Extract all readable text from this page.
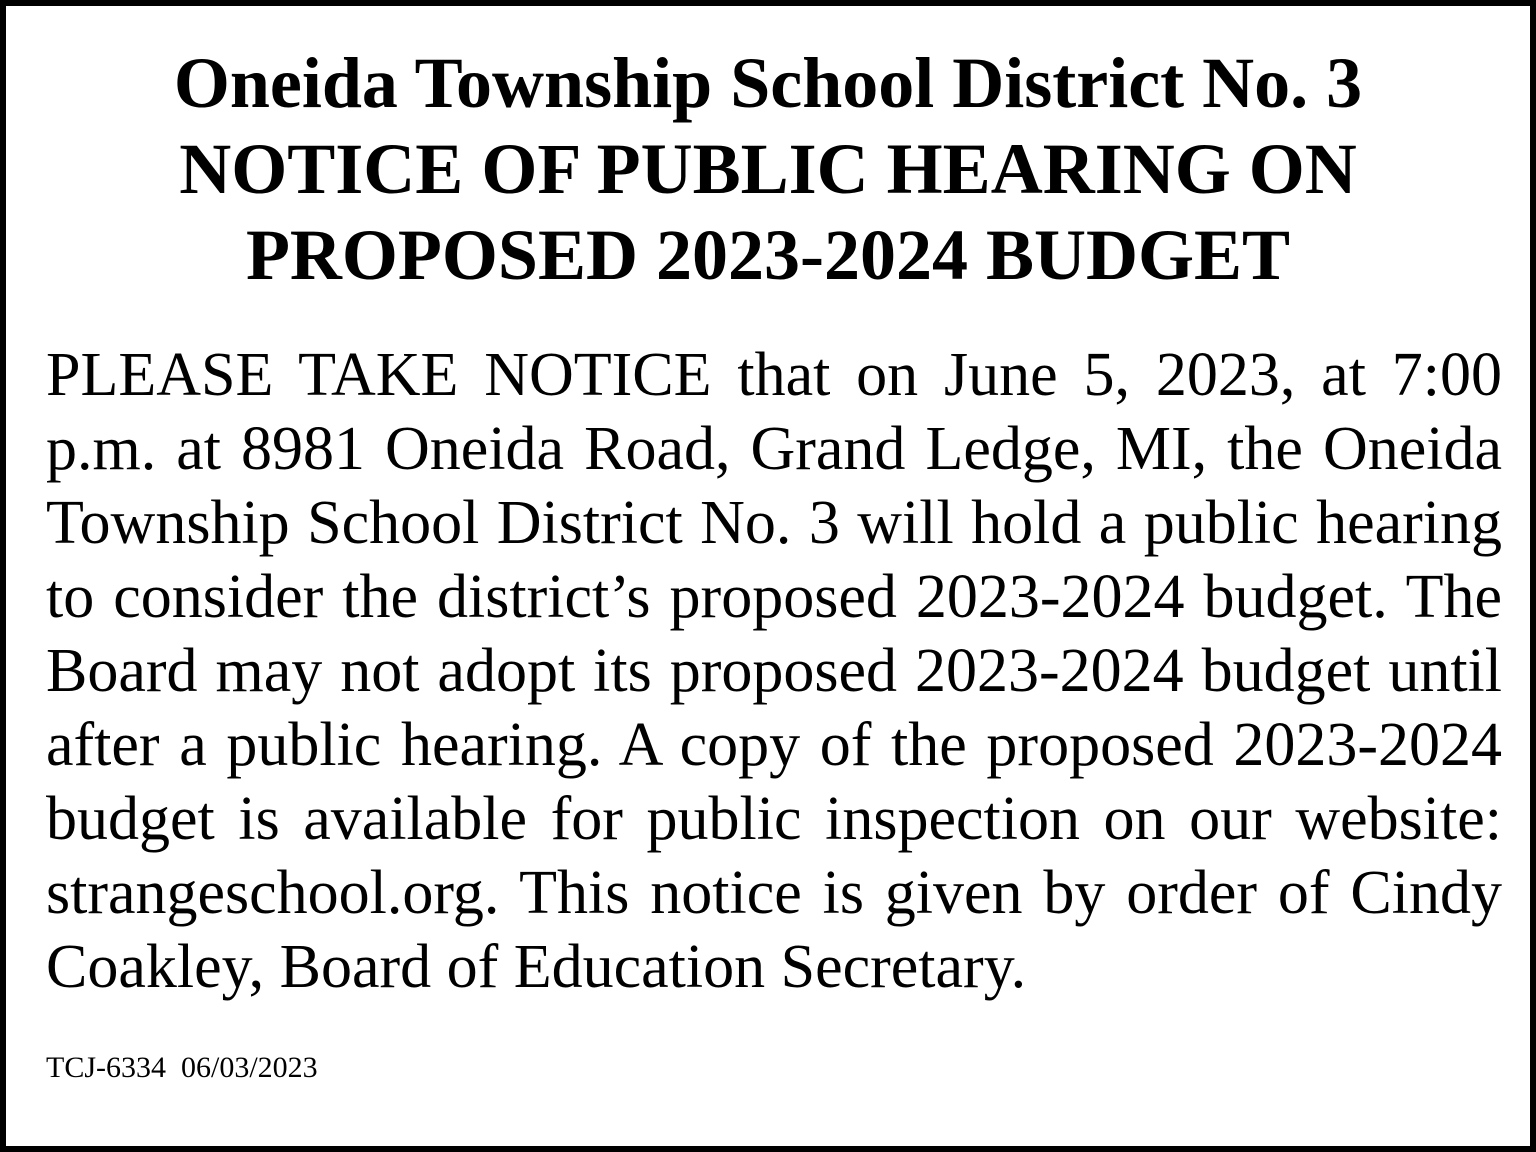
Oneida Township School District No. 3
NOTICE OF PUBLIC HEARING ON
PROPOSED 2023-2024 BUDGET
PLEASE TAKE NOTICE that on June 5, 2023, at 7:00
p.m. at 8981 Oneida Road, Grand Ledge, MI, the Oneida
Township School District No. 3 will hold a public hearing
to consider the district’s proposed 2023-2024 budget. The
Board may not adopt its proposed 2023-2024 budget until
after a public hearing. A copy of the proposed 2023-2024
budget is available for public inspection on our website:
strangeschool.org. This notice is given by order of Cindy
Coakley, Board of Education Secretary.
TCJ-6334  06/03/2023
